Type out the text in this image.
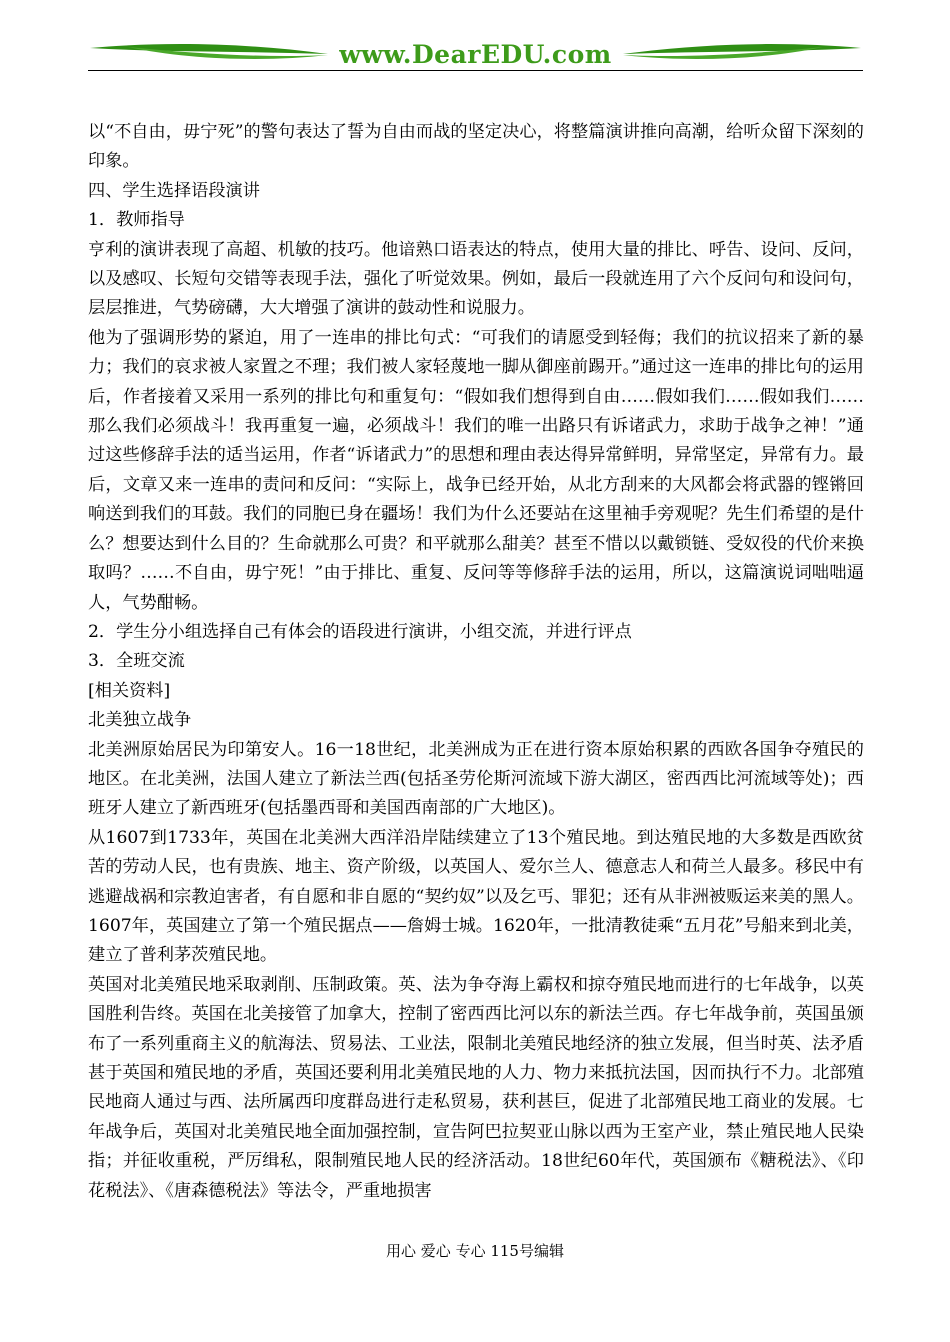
www.DearEDU.com

以“不自由，毋宁死”的警句表达了誓为自由而战的坚定决心，将整篇演讲推向高潮，给听众留下深刻的印象。

四、学生选择语段演讲

1．教师指导

亨利的演讲表现了高超、机敏的技巧。他谙熟口语表达的特点，使用大量的排比、呼告、设问、反问，以及感叹、长短句交错等表现手法，强化了听觉效果。例如，最后一段就连用了六个反问句和设问句，层层推进，气势磅礴，大大增强了演讲的鼓动性和说服力。

他为了强调形势的紧迫，用了一连串的排比句式：“可我们的请愿受到轻侮；我们的抗议招来了新的暴力；我们的哀求被人家置之不理；我们被人家轻蔑地一脚从御座前踢开。”通过这一连串的排比句的运用后，作者接着又采用一系列的排比句和重复句：“假如我们想得到自由……假如我们……假如我们……那么我们必须战斗！我再重复一遍，必须战斗！我们的唯一出路只有诉诸武力，求助于战争之神！”通过这些修辞手法的适当运用，作者“诉诸武力”的思想和理由表达得异常鲜明，异常坚定，异常有力。最后，文章又来一连串的责问和反问：“实际上，战争已经开始，从北方刮来的大风都会将武器的铿锵回响送到我们的耳鼓。我们的同胞已身在疆场！我们为什么还要站在这里袖手旁观呢？先生们希望的是什么？想要达到什么目的？生命就那么可贵？和平就那么甜美？甚至不惜以以戴锁链、受奴役的代价来换取吗？……不自由，毋宁死！”由于排比、重复、反问等等修辞手法的运用，所以，这篇演说词咄咄逼人，气势酣畅。

2．学生分小组选择自己有体会的语段进行演讲，小组交流，并进行评点

3．全班交流

[相关资料]

北美独立战争

北美洲原始居民为印第安人。16一18世纪，北美洲成为正在进行资本原始积累的西欧各国争夺殖民的地区。在北美洲，法国人建立了新法兰西(包括圣劳伦斯河流域下游大湖区，密西西比河流域等处)；西班牙人建立了新西班牙(包括墨西哥和美国西南部的广大地区)。

从1607到1733年，英国在北美洲大西洋沿岸陆续建立了13个殖民地。到达殖民地的大多数是西欧贫苦的劳动人民，也有贵族、地主、资产阶级，以英国人、爱尔兰人、德意志人和荷兰人最多。移民中有逃避战祸和宗教迫害者，有自愿和非自愿的“契约奴”以及乞丐、罪犯；还有从非洲被贩运来美的黑人。1607年，英国建立了第一个殖民据点——詹姆士城。1620年，一批清教徒乘“五月花”号船来到北美，建立了普利茅茨殖民地。

英国对北美殖民地采取剥削、压制政策。英、法为争夺海上霸权和掠夺殖民地而进行的七年战争，以英国胜利告终。英国在北美接管了加拿大，控制了密西西比河以东的新法兰西。存七年战争前，英国虽颁布了一系列重商主义的航海法、贸易法、工业法，限制北美殖民地经济的独立发展，但当时英、法矛盾甚于英国和殖民地的矛盾，英国还要利用北美殖民地的人力、物力来抵抗法国，因而执行不力。北部殖民地商人通过与西、法所属西印度群岛进行走私贸易，获利甚巨，促进了北部殖民地工商业的发展。七年战争后，英国对北美殖民地全面加强控制，宣告阿巴拉契亚山脉以西为王室产业，禁止殖民地人民染指；并征收重税，严厉缉私，限制殖民地人民的经济活动。18世纪60年代，英国颁布《糖税法》、《印花税法》、《唐森德税法》等法令，严重地损害

用心 爱心 专心 115号编辑
